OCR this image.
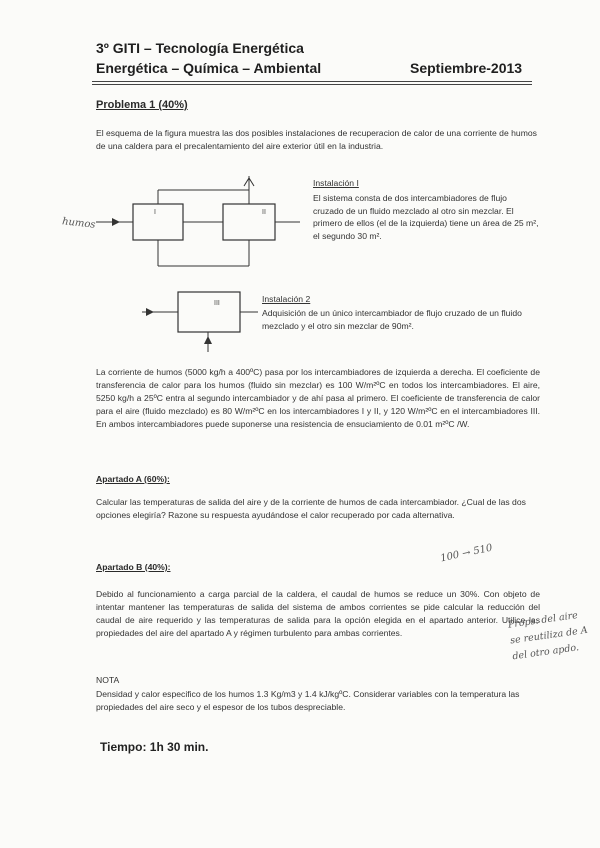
3º GITI – Tecnología Energética
Energética – Química – Ambiental	Septiembre-2013
Problema 1 (40%)
El esquema de la figura muestra las dos posibles instalaciones de recuperacion de calor de una corriente de humos de una caldera para el precalentamiento del aire exterior útil en la industria.
I	II
III
Instalación I
El sistema consta de dos intercambiadores de flujo cruzado de un fluido mezclado al otro sin mezclar. El primero de ellos (el de la izquierda) tiene un área de 25 m², el segundo 30 m².
Instalación 2
Adquisición de un único intercambiador de flujo cruzado de un fluido mezclado y el otro sin mezclar de 90m².
La corriente de humos (5000 kg/h a 400ºC) pasa por los intercambiadores de izquierda a derecha. El coeficiente de transferencia de calor para los humos (fluido sin mezclar) es 100 W/m²ºC en todos los intercambiadores. El aire, 5250 kg/h a 25ºC entra al segundo intercambiador y de ahí pasa al primero. El coeficiente de transferencia de calor para el aire (fluido mezclado) es 80 W/m²ºC en los intercambiadores I y II, y 120 W/m²ºC en el intercambiadores III. En ambos intercambiadores puede suponerse una resistencia de ensuciamiento de 0.01 m²ºC /W.
Apartado A (60%):
Calcular las temperaturas de salida del aire y de la corriente de humos de cada intercambiador. ¿Cual de las dos opciones elegiría? Razone su respuesta ayudándose el calor recuperado por cada alternativa.
Apartado B (40%):
Debido al funcionamiento a carga parcial de la caldera, el caudal de humos se reduce un 30%. Con objeto de intentar mantener las temperaturas de salida del sistema de ambos corrientes se pide calcular la reducción del caudal de aire requerido y las temperaturas de salida para la opción elegida en el apartado anterior. Utilice las propiedades del aire del apartado A y régimen turbulento para ambas corrientes.
NOTA
Densidad y calor especifico de los humos 1.3 Kg/m3 y 1.4 kJ/kgºC. Considerar variables con la temperatura las propiedades del aire seco y el espesor de los tubos despreciable.
Tiempo: 1h 30 min.
humos
100 → 510
Props. del aire se reutiliza de A del otro apdo.
